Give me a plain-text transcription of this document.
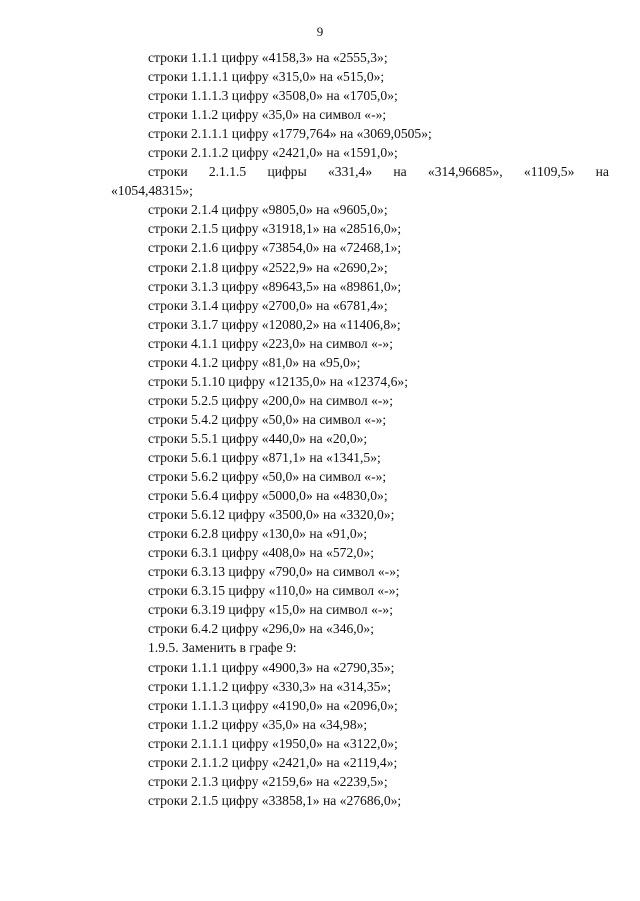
9
строки 1.1.1 цифру «4158,3» на «2555,3»;
строки 1.1.1.1 цифру «315,0» на «515,0»;
строки 1.1.1.3 цифру «3508,0» на «1705,0»;
строки 1.1.2 цифру «35,0» на символ «-»;
строки 2.1.1.1 цифру «1779,764» на «3069,0505»;
строки 2.1.1.2 цифру «2421,0» на «1591,0»;
строки 2.1.1.5 цифры «331,4» на «314,96685», «1109,5» на
«1054,48315»;
строки 2.1.4 цифру «9805,0» на «9605,0»;
строки 2.1.5 цифру «31918,1» на «28516,0»;
строки 2.1.6 цифру «73854,0» на «72468,1»;
строки 2.1.8 цифру «2522,9» на «2690,2»;
строки 3.1.3 цифру «89643,5» на «89861,0»;
строки 3.1.4 цифру «2700,0» на «6781,4»;
строки 3.1.7 цифру «12080,2» на «11406,8»;
строки 4.1.1 цифру «223,0» на символ «-»;
строки 4.1.2 цифру «81,0» на «95,0»;
строки 5.1.10 цифру «12135,0» на «12374,6»;
строки 5.2.5 цифру «200,0» на символ «-»;
строки 5.4.2 цифру «50,0» на символ «-»;
строки 5.5.1 цифру «440,0» на «20,0»;
строки 5.6.1 цифру «871,1» на «1341,5»;
строки 5.6.2 цифру «50,0» на символ «-»;
строки 5.6.4 цифру «5000,0» на «4830,0»;
строки 5.6.12 цифру «3500,0» на «3320,0»;
строки 6.2.8 цифру «130,0» на «91,0»;
строки 6.3.1 цифру «408,0» на «572,0»;
строки 6.3.13 цифру «790,0» на символ «-»;
строки 6.3.15 цифру «110,0» на символ «-»;
строки 6.3.19 цифру «15,0» на символ «-»;
строки 6.4.2 цифру «296,0» на «346,0»;
1.9.5. Заменить в графе 9:
строки 1.1.1 цифру «4900,3» на «2790,35»;
строки 1.1.1.2 цифру «330,3» на «314,35»;
строки 1.1.1.3 цифру «4190,0» на «2096,0»;
строки 1.1.2 цифру «35,0» на «34,98»;
строки 2.1.1.1 цифру «1950,0» на «3122,0»;
строки 2.1.1.2 цифру «2421,0» на «2119,4»;
строки 2.1.3 цифру «2159,6» на «2239,5»;
строки 2.1.5 цифру «33858,1» на «27686,0»;
